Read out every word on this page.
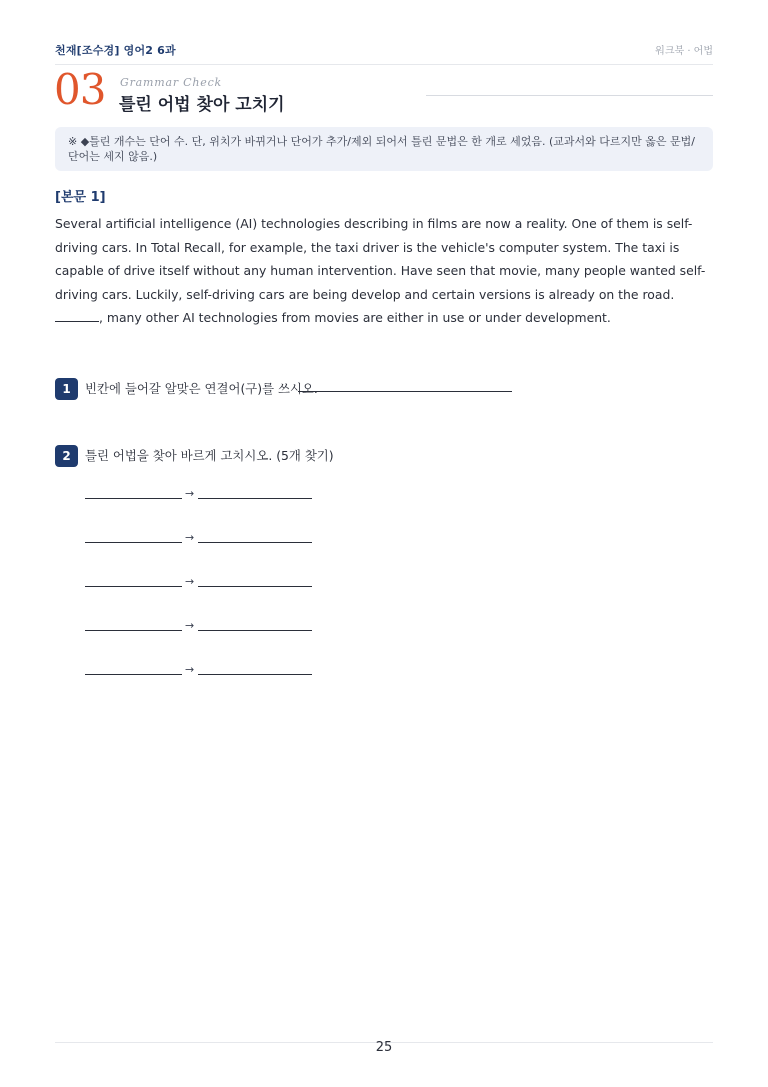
천재[조수경] 영어2 6과	워크북 · 어법
03 Grammar Check
틀린 어법 찾아 고치기
※ ◆틀린 개수는 단어 수. 단, 위치가 바뀌거나 단어가 추가/제외 되어서 틀린 문법은 한 개로 세었음. (교과서와 다르지만 옳은 문법/단어는 세지 않음.)
[본문 1]
Several artificial intelligence (AI) technologies describing in films are now a reality. One of them is self-driving cars. In Total Recall, for example, the taxi driver is the vehicle's computer system. The taxi is capable of drive itself without any human intervention. Have seen that movie, many people wanted self-driving cars. Luckily, self-driving cars are being develop and certain versions is already on the road. , many other AI technologies from movies are either in use or under development.
1	빈칸에 들어갈 알맞은 연결어(구)를 쓰시오.
2	틀린 어법을 찾아 바르게 고치시오. (5개 찾기)
→
→
→
→
→
25
